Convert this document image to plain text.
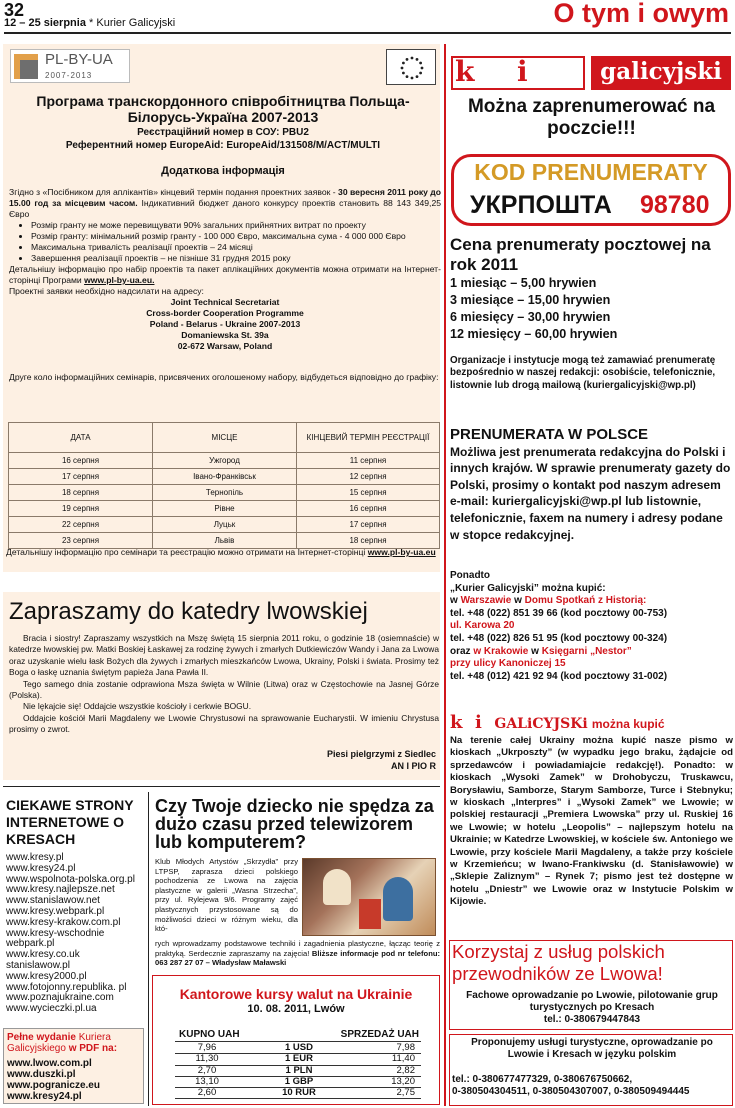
32
12 – 25 sierpnia * Kurier Galicyjski	O tym i owym
PL-BY-UA
2007-2013
Програма транскордонного співробітництва Польща-Білорусь-Україна 2007-2013
Реєстраційний номер в СОУ: PBU2
Референтний номер EuropeAid: EuropeAid/131508/M/ACT/MULTI
Додаткова інформація

Згідно з «Посібником для аплікантів» кінцевий термін подання проектних заявок - 30 вересня 2011 року до 15.00 год за місцевим часом. Індикативний бюджет даного конкурсу проектів становить 88 143 349,25 Євро

• Розмір гранту не може перевищувати 90% загальних прийнятних витрат по проекту
• Розмір гранту: мінімальний розмір гранту - 100 000 Євро, максимальна сума - 4 000 000 Євро
• Максимальна тривалість реалізації проектів – 24 місяці
• Завершення реалізації проектів – не пізніше 31 грудня 2015 року

Детальнішу інформацію про набір проектів та пакет аплікаційних документів можна отримати на Інтернет-сторінці Програми www.pl-by-ua.eu.

Проектні заявки необхідно надсилати на адресу:

Joint Technical Secretariat
Cross-border Cooperation Programme
Poland - Belarus - Ukraine 2007-2013
Domaniewska St. 39a
02-672 Warsaw, Poland

Друге коло інформаційних семінарів, присвячених оголошеному набору, відбудеться відповідно до графіку:

ДАТА	МІСЦЕ	КІНЦЕВИЙ ТЕРМІН РЕЄСТРАЦІЇ
16 серпня	Ужгород	11 серпня
17 серпня	Івано-Франківськ	12 серпня
18 серпня	Тернопіль	15 серпня
19 серпня	Рівне	16 серпня
22 серпня	Луцьк	17 серпня
23 серпня	Львів	18 серпня
Детальнішу інформацію про семінари та реєстрацію можно отримати на Інтернет-сторінці www.pl-by-ua.eu
Zapraszamy do katedry lwowskiej

Bracia i siostry! Zapraszamy wszystkich na Mszę świętą 15 sierpnia 2011 roku, o godzinie 18 (osiemnaście) w katedrze lwowskiej pw. Matki Boskiej Łaskawej za rodzinę żywych i zmarłych Dutkiewiczów Wandy i Jana za Lwowa oraz uzyskanie wielu łask Bożych dla żywych i zmarłych mieszkańców Lwowa, Ukrainy, Polski i świata. Prosimy też Boga o łaskę uznania świętym papieża Jana Pawła II.

Tego samego dnia zostanie odprawiona Msza święta w Wilnie (Litwa) oraz w Częstochowie na Jasnej Górze (Polska).

Nie lękajcie się! Oddajcie wszystkie kościoły i cerkwie BOGU.

Oddajcie kościół Marii Magdaleny we Lwowie Chrystusowi na sprawowanie Eucharystii. W imieniu Chrystusa prosimy o zwrot.

Piesi pielgrzymi z Siedlec
AN I PIO R
CIEKAWE STRONY INTERNETOWE O KRESACH
www.kresy.pl
www.kresy24.pl
www.wspolnota-polska.org.pl
www.kresy.najlepsze.net
www.stanislawow.net
www.kresy.webpark.pl
www.kresy-krakow.com.pl
www.kresy-wschodnie
webpark.pl
www.kresy.co.uk
stanislawow.pl
www.kresy2000.pl
www.fotojonny.republika. pl
www.poznajukraine.com
www.wycieczki.pl.ua
Pełne wydanie Kuriera Galicyjskiego w PDF na:
www.lwow.com.pl
www.duszki.pl
www.pogranicze.eu
www.kresy24.pl
Czy Twoje dziecko nie spędza za dużo czasu przed telewizorem lub komputerem?
Klub Młodych Artystów „Skrzydła” przy LTPSP, zaprasza dzieci polskiego pochodzenia ze Lwowa na zajęcia plastyczne w galerii „Wasna Strzecha”, przy ul. Rylejewa 9/6. Programy zajęć plastycznych przystosowane są do możliwości dzieci w różnym wieku, dla któ-
rych wprowadzamy podstawowe techniki i zagadnienia plastyczne, łącząc teorię z praktyką. Serdecznie zapraszamy na zajęcia! Bliższe informacje pod nr telefonu: 063 287 27 07 – Władysław Maławski
Kantorowe kursy walut na Ukrainie
10. 08. 2011, Lwów
KUPNO UAH	SPRZEDAŻ UAH
7,96	1 USD	7,98
11,30	1 EUR	11,40
2,70	1 PLN	2,82
13,10	1 GBP	13,20
2,60	10 RUR	2,75
k i	galicyjski
Można zaprenumerować na poczcie!!!
KOD PRENUMERATY
УКРПОШТА 98780
Cena prenumeraty pocztowej na rok 2011
1 miesiąc – 5,00 hrywien
3 miesiące – 15,00 hrywien
6 miesięcy – 30,00 hrywien
12 miesięcy – 60,00 hrywien
Organizacje i instytucje mogą też zamawiać prenumeratę bezpośrednio w naszej redakcji: osobiście, telefonicznie, listownie lub drogą mailową (kuriergalicyjski@wp.pl)
PRENUMERATA W POLSCE
Możliwa jest prenumerata redakcyjna do Polski i innych krajów. W sprawie prenumeraty gazety do Polski, prosimy o kontakt pod naszym adresem e-mail: kuriergalicyjski@wp.pl lub listownie, telefonicznie, faxem na numery i adresy podane w stopce redakcyjnej.
Ponadto
„Kurier Galicyjski” można kupić:
w Warszawie w Domu Spotkań z Historią:
tel. +48 (022) 851 39 66 (kod pocztowy 00-753)
ul. Karowa 20
tel. +48 (022) 826 51 95 (kod pocztowy 00-324)
oraz w Krakowie w Księgarni „Nestor”
przy ulicy Kanoniczej 15
tel. +48 (012) 421 92 94 (kod pocztowy 31-002)
k i GALiCYJSKi można kupić
Na terenie całej Ukrainy można kupić nasze pismo w kioskach „Ukrposzty” (w wypadku jego braku, żądajcie od sprzedawców i powiadamiajcie redakcję!). Ponadto: w kioskach „Wysoki Zamek” w Drohobyczu, Truskawcu, Borysławiu, Samborze, Starym Samborze, Turce i Stebnyku; w kioskach „Interpres” i „Wysoki Zamek” we Lwowie; w polskiej restauracji „Premiera Lwowska” przy ul. Ruskiej 16 we Lwowie; w hotelu „Leopolis” – najlepszym hotelu na Ukrainie; w Katedrze Lwowskiej, w kościele św. Antoniego we Lwowie, przy kościele Marii Magdaleny, a także przy kościele w Krzemieńcu; w Iwano-Frankiwsku (d. Stanisławowie) w „Sklepie Zaliznym” – Rynek 7; pismo jest też dostępne w hotelu „Dniestr” we Lwowie oraz w Instytucie Polskim w Kijowie.
Korzystaj z usług polskich przewodników ze Lwowa!
Fachowe oprowadzanie po Lwowie, pilotowanie grup turystycznych po Kresach
tel.: 0-380679447843
Proponujemy usługi turystyczne, oprowadzanie po Lwowie i Kresach w języku polskim
tel.: 0-380677477329, 0-380676750662,
0-380504304511, 0-380504307007, 0-380509494445
